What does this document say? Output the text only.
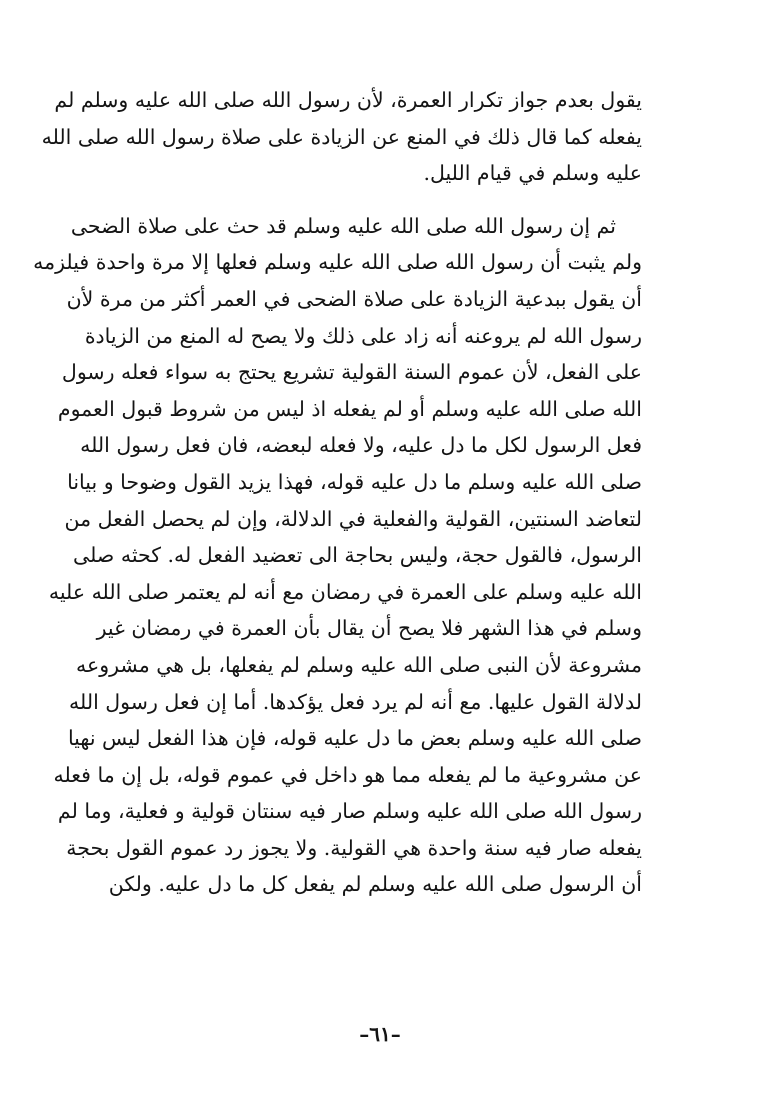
يقول بعدم جواز تكرار العمرة، لأن رسول الله صلى الله عليه وسلم لم
يفعله كما قال ذلك في المنع عن الزيادة على صلاة رسول الله صلى الله
عليه وسلم في قيام الليل.

ثم إن رسول الله صلى الله عليه وسلم قد حث على صلاة الضحى
ولم يثبت أن رسول الله صلى الله عليه وسلم فعلها إلا مرة واحدة فيلزمه
أن يقول ببدعية الزيادة على صلاة الضحى في العمر أكثر من مرة لأن
رسول الله لم يروعنه أنه زاد على ذلك ولا يصح له المنع من الزيادة
على الفعل، لأن عموم السنة القولية تشريع يحتج به سواء فعله رسول
الله صلى الله عليه وسلم أو لم يفعله اذ ليس من شروط قبول العموم
فعل الرسول لكل ما دل عليه، ولا فعله لبعضه، فان فعل رسول الله
صلى الله عليه وسلم ما دل عليه قوله، فهذا يزيد القول وضوحا و بيانا
لتعاضد السنتين، القولية والفعلية في الدلالة، وإن لم يحصل الفعل من
الرسول، فالقول حجة، وليس بحاجة الى تعضيد الفعل له. كحثه صلى
الله عليه وسلم على العمرة في رمضان مع أنه لم يعتمر صلى الله عليه
وسلم في هذا الشهر فلا يصح أن يقال بأن العمرة في رمضان غير
مشروعة لأن النبى صلى الله عليه وسلم لم يفعلها، بل هي مشروعه
لدلالة القول عليها. مع أنه لم يرد فعل يؤكدها. أما إن فعل رسول الله
صلى الله عليه وسلم بعض ما دل عليه قوله، فإن هذا الفعل ليس نهيا
عن مشروعية ما لم يفعله مما هو داخل في عموم قوله، بل إن ما فعله
رسول الله صلى الله عليه وسلم صار فيه سنتان قولية و فعلية، وما لم
يفعله صار فيه سنة واحدة هي القولية. ولا يجوز رد عموم القول بحجة
أن الرسول صلى الله عليه وسلم لم يفعل كل ما دل عليه. ولكن

–٦١–
